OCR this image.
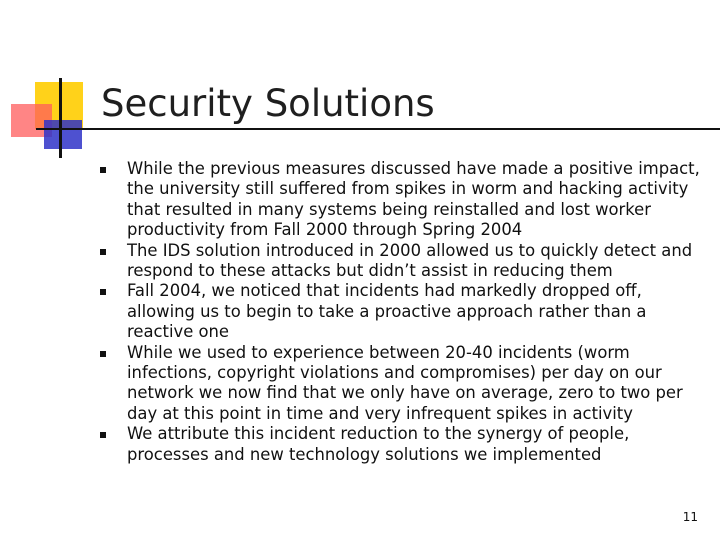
Security Solutions
While the previous measures discussed have made a positive impact, the university still suffered from spikes in worm and hacking activity that resulted in many systems being reinstalled and lost worker productivity from Fall 2000 through Spring 2004
The IDS solution introduced in 2000 allowed us to quickly detect and respond to these attacks but didn’t assist in reducing them
Fall 2004, we noticed that incidents had markedly dropped off, allowing us to begin to take a proactive approach rather than a reactive one
While we used to experience between 20-40 incidents (worm infections, copyright violations and compromises) per day on our network we now find that we only have on average, zero to two per day at this point in time and very infrequent spikes in activity
We attribute this incident reduction to the synergy of people, processes and new technology solutions we implemented
11
